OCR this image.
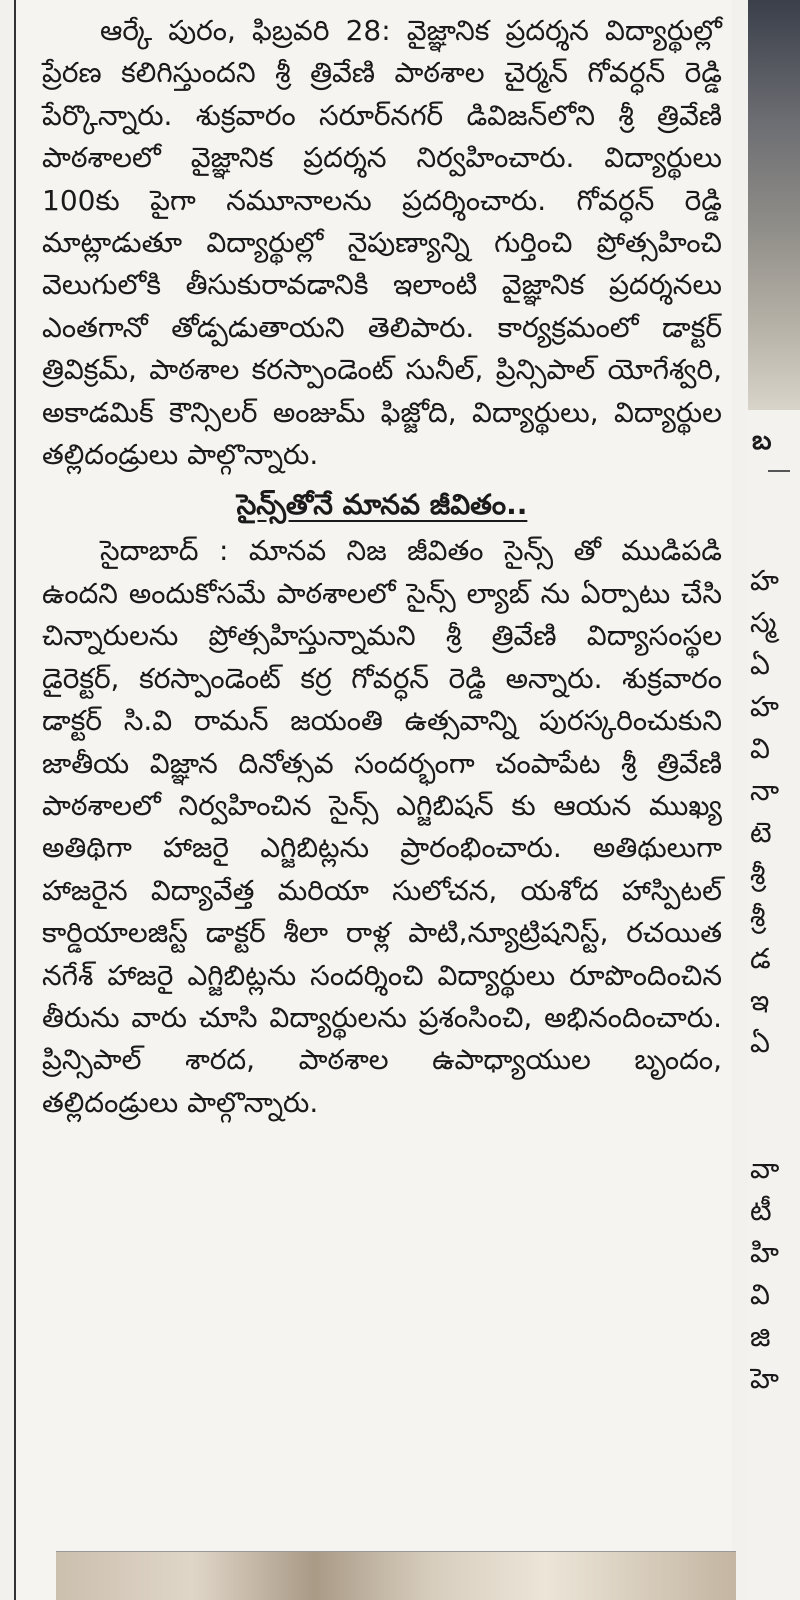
ఆర్కే పురం, ఫిబ్రవరి 28: వైజ్ఞానిక ప్రదర్శన విద్యార్థుల్లో ప్రేరణ కలిగిస్తుందని శ్రీ త్రివేణి పాఠశాల చైర్మన్ గోవర్ధన్ రెడ్డి పేర్కొన్నారు. శుక్రవారం సరూర్‌నగర్ డివిజన్‌లోని శ్రీ త్రివేణి పాఠశాలలో వైజ్ఞానిక ప్రదర్శన నిర్వహించారు. విద్యార్థులు 100కు పైగా నమూనాలను ప్రదర్శించారు. గోవర్ధన్ రెడ్డి మాట్లాడుతూ విద్యార్థుల్లో నైపుణ్యాన్ని గుర్తించి ప్రోత్సహించి వెలుగులోకి తీసుకురావడానికి ఇలాంటి వైజ్ఞానిక ప్రదర్శనలు ఎంతగానో తోడ్పడుతాయని తెలిపారు. కార్యక్రమంలో డాక్టర్ త్రివిక్రమ్, పాఠశాల కరస్పాండెంట్ సునీల్, ప్రిన్సిపాల్ యోగేశ్వరి, అకాడమిక్ కౌన్సిలర్ అంజుమ్ ఫిజ్జోది, విద్యార్థులు, విద్యార్థుల తల్లిదండ్రులు పాల్గొన్నారు.

సైన్స్‌తోనే మానవ జీవితం..

సైదాబాద్ : మానవ నిజ జీవితం సైన్స్ తో ముడిపడి ఉందని అందుకోసమే పాఠశాలలో సైన్స్ ల్యాబ్ ను ఏర్పాటు చేసి చిన్నారులను ప్రోత్సహిస్తున్నామని శ్రీ త్రివేణి విద్యాసంస్థల డైరెక్టర్, కరస్పాండెంట్ కర్ర గోవర్ధన్ రెడ్డి అన్నారు. శుక్రవారం డాక్టర్ సి.వి రామన్ జయంతి ఉత్సవాన్ని పురస్కరించుకుని జాతీయ విజ్ఞాన దినోత్సవ సందర్భంగా చంపాపేట శ్రీ త్రివేణి పాఠశాలలో నిర్వహించిన సైన్స్ ఎగ్జిబిషన్ కు ఆయన ముఖ్య అతిథిగా హాజరై ఎగ్జిబిట్లను ప్రారంభించారు. అతిథులుగా హాజరైన విద్యావేత్త మరియా సులోచన, యశోద హాస్పిటల్ కార్డియాలజిస్ట్ డాక్టర్ శీలా రాళ్ల పాటి,న్యూట్రిషనిస్ట్, రచయిత నగేశ్ హాజరై ఎగ్జిబిట్లను సందర్శించి విద్యార్థులు రూపొందించిన తీరును వారు చూసి విద్యార్థులను ప్రశంసించి, అభినందించారు. ప్రిన్సిపాల్ శారద, పాఠశాల ఉపాధ్యాయుల బృందం, తల్లిదండ్రులు పాల్గొన్నారు.

బ
హ
స్మ
ఏ
హ
వి
నా
టె
శ్రీ
శ్రీ
డ
ఇ
ఏ
వా
టీ
హి
వి
జి
హె
